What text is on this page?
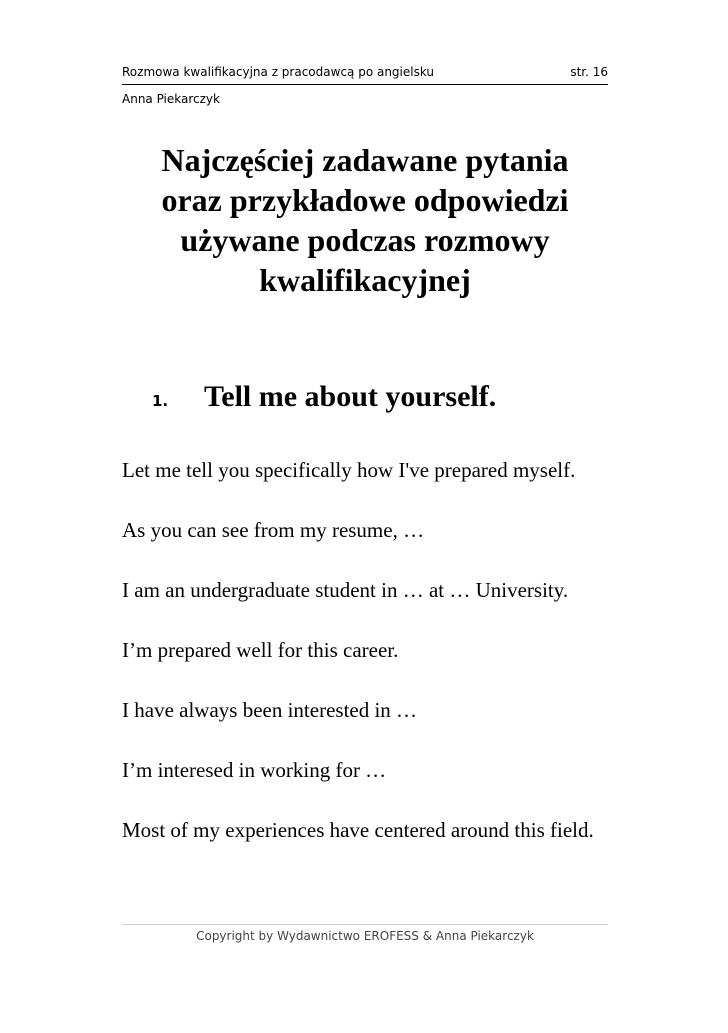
Rozmowa kwalifikacyjna z pracodawcą po angielsku	str. 16
Anna Piekarczyk
Najczęściej zadawane pytania
oraz przykładowe odpowiedzi
używane podczas rozmowy
kwalifikacyjnej
1.	Tell me about yourself.

Let me tell you specifically how I've prepared myself.

As you can see from my resume, …

I am an undergraduate student in … at … University.

I’m prepared well for this career.

I have always been interested in …

I’m interesed in working for …

Most of my experiences have centered around this field.

Copyright by Wydawnictwo EROFESS & Anna Piekarczyk
